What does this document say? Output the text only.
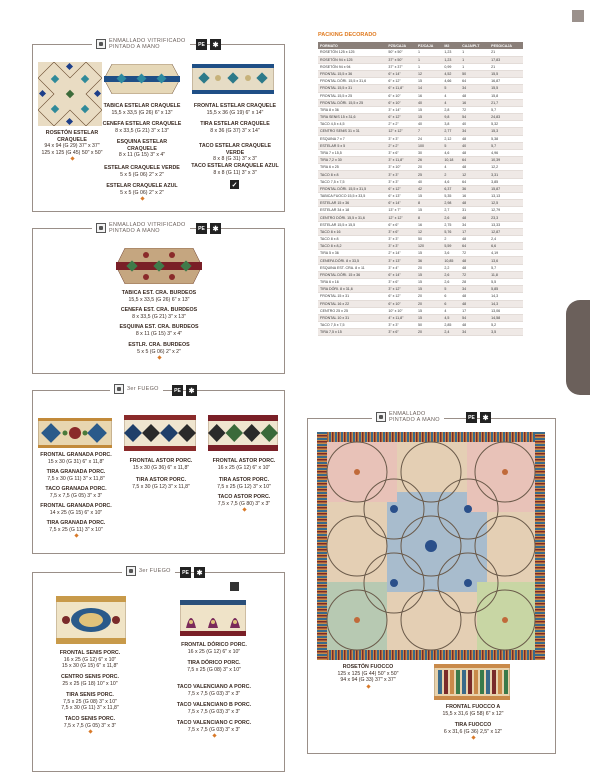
ENMALLADO VITRIFICADO
PINTADO A MANO	PE
✱
ROSETÓN ESTELAR CRAQUELE
94 x 94 (G 29) 37" x 37"
125 x 125 (G 45) 50" x 50"
TABICA ESTELAR CRAQUELE
15,5 x 33,5 (G 26) 6" x 13"
CENEFA ESTELAR CRAQUELE
8 x 33,5 (G 21) 3" x 13"
ESQUINA ESTELAR CRAQUELE
8 x 11 (G 15) 3" x 4"
ESTELAR CRAQUELE VERDE
5 x 5 (G 06) 2" x 2"
ESTELAR CRAQUELE AZUL
5 x 5 (G 06) 2" x 2"
FRONTAL ESTELAR CRAQUELE
15,5 x 36 (G 19) 6" x 14"
TIRA ESTELAR CRAQUELE
8 x 36 (G 37) 3" x 14"
TACO ESTELAR CRAQUELE VERDE
8 x 8 (G 31) 3" x 3"
TACO ESTELAR CRAQUELE AZUL
8 x 8 (G 11) 3" x 3"
✓
ENMALLADO VITRIFICADO
PINTADO A MANO	PE
✱
TABICA EST. CRA. BURDEOS
15,5 x 33,5 (G 26) 6" x 13"
CENEFA EST. CRA. BURDEOS
8 x 33,5 (G 21) 3" x 13"
ESQUINA EST. CRA. BURDEOS
8 x 11 (G 15) 3" x 4"
ESTLR. CRA. BURDEOS
5 x 5 (G 06) 2" x 2"
3er FUEGO	PE
✱
FRONTAL GRANADA PORC.
15 x 30 (G 31) 6" x 11,8"
TIRA GRANADA PORC.
7,5 x 30 (G 11) 3" x 11,8"
TACO GRANADA PORC.
7,5 x 7,5 (G 05) 3" x 3"
FRONTAL GRANADA PORC.
14 x 25 (G 15) 6" x 10"
TIRA GRANADA PORC.
7,5 x 25 (G 11) 3" x 10"
FRONTAL ASTOR PORC.
15 x 30 (G 36) 6" x 11,8"
TIRA ASTOR PORC.
7,5 x 30 (G 12) 3" x 11,8"
FRONTAL ASTOR PORC.
16 x 25 (G 12) 6" x 10"
TIRA ASTOR PORC.
7,5 x 25 (G 12) 3" x 10"
TACO ASTOR PORC.
7,5 x 7,5 (G 80) 3" x 3"
3er FUEGO	PE
✱
FRONTAL SENIS PORC.
16 x 25 (G 12) 6" x 10"
15 x 30 (G 15) 6" x 11,8"
CENTRO SENIS PORC.
25 x 25 (G 18) 10" x 10"
TIRA SENIS PORC.
7,5 x 25 (G 08) 3" x 10"
7,5 x 30 (G 11) 3" x 11,8"
TACO SENIS PORC.
7,5 x 7,5 (G 05) 3" x 3"
FRONTAL DÓRICO PORC.
16 x 25 (G 12) 6" x 10"
TIRA DÓRICO PORC.
7,5 x 25 (G 08) 3" x 10"
TACO VALENCIANO A PORC.
7,5 x 7,5 (G 03) 3" x 3"
TACO VALENCIANO B PORC.
7,5 x 7,5 (G 03) 3" x 3"
TACO VALENCIANO C PORC.
7,5 x 7,5 (G 03) 3" x 3"
PACKING DECORADO
FORMATO	PZS/CAJA	PZ/CAJA	M2	CAJA/PLT	PESO/CAJA
ROSETÓN 125 x 125	50" x 50"	1	1,23	1	21
ROSETÓN 94 x 125	37" x 50"	1	1,23	1	17,83
ROSETÓN 94 x 94	37" x 37"	1	0,99	1	21
FRONTAL 15,5 x 36	6" x 14"	12	4,52	50	15,5
FRONTAL DÓRI. 15,5 x 31,6	6" x 12"	15	4,66	64	16,87
FRONTAL 15,5 x 31	6" x 11,8"	14	5	34	15,5
FRONTAL 15,5 x 25	6" x 10"	16	4	48	15,8
FRONTAL DÓRI. 15,5 x 25	6" x 10"	40	4	16	21,7
TIRA 8 x 36	3" x 14"	15	2,8	72	5,7
TIRA SENIS 15 x 31,6	6" x 12"	15	9,8	54	24,83
TACO 4,5 x 4,5	2" x 2"	40	3,8	40	5,32
CENTRO SENIS 31 x 31	12" x 12"	7	2,77	34	15,3
ESQUINA 7 x 7	3" x 3"	24	2,12	48	5,38
ESTELAR 5 x 5	2" x 2"	100	5	40	5,7
TIRA 7 x 15,5	3" x 6"	30	4,6	48	4,96
TIRA 7,2 x 30	3" x 11,8"	26	10,18	64	10,39
TIRA 6 x 25	3" x 10"	20	4	48	12,2
TACO 8 x 8	3" x 3"	25	2	12	3,31
TACO 7,5 x 7,5	3" x 3"	40	4,6	64	3,85
FRONTAL DÓRI. 15,5 x 31,5	6" x 12"	42	6,37	36	15,87
TABICA FUOCO 15,5 x 33,5	6" x 13"	15	5,35	16	13,13
ESTELAR 15 x 36	6" x 14"	8	2,98	48	12,5
ESTELAR 34 x 18	13" x 7"	15	2,7	31	12,79
CENTRO DÓRI. 15,5 x 31,6	12" x 12"	8	2,6	48	23,3
ESTELAR 15,5 x 15,5	6" x 6"	16	2,75	34	13,33
TACO 8 x 16	3" x 6"	12	5,76	17	12,87
TACO 8 x 8	3" x 3"	50	2	48	2,4
TACO 8 x 8,2	3" x 3"	120	5,59	64	6,6
TIRA 5 x 36	2" x 14"	15	3,6	72	4,19
CENEFA DÓRI. 8 x 33,5	3" x 13"	36	10,85	48	13,6
ESQUINA EST. CRA. 8 x 11	3" x 4"	20	2,2	48	5,7
FRONTAL DÓRI. 15 x 36	6" x 14"	15	2,6	72	11,8
TIRA 6 x 16	3" x 6"	15	2,6	28	5,5
TIRA DÓRI. 8 x 31,6	3" x 12"	15	5	34	5,85
FRONTAL 15 x 31	6" x 12"	20	6	48	14,3
FRONTAL 16 x 22	6" x 10"	20	6	48	14,3
CENTRO 25 x 25	10" x 10"	15	4	17	13,06
FRONTAL 10 x 31	4" x 11,8"	15	4,5	54	14,58
TACO 7,5 x 7,5	3" x 3"	50	2,85	48	5,2
TIRA 7,5 x 15	3" x 6"	20	2,4	34	3,5
ENMALLADO
PINTADO A MANO	PE
✱
ROSETÓN FUOCCO
125 x 125 (G 44) 50" x 50"
94 x 94 (G 33) 37" x 37"
FRONTAL FUOCCO A
15,5 x 31,6 (G 58) 6" x 12"
TIRA FUOCCO
6 x 31,6 (G 36) 2,5" x 12"
